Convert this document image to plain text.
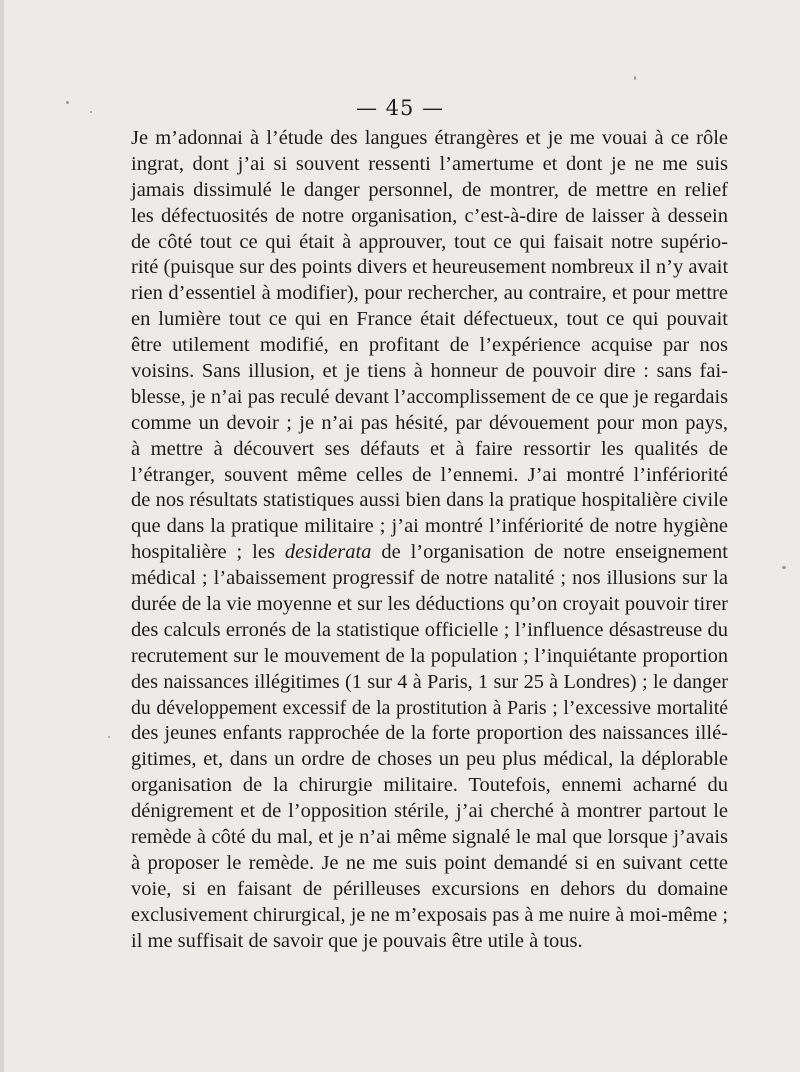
— 45 —
Je m’adonnai à l’étude des langues étrangères et je me vouai à ce rôle
ingrat, dont j’ai si souvent ressenti l’amertume et dont je ne me suis
jamais dissimulé le danger personnel, de montrer, de mettre en relief
les défectuosités de notre organisation, c’est-à-dire de laisser à dessein
de côté tout ce qui était à approuver, tout ce qui faisait notre supério-
rité (puisque sur des points divers et heureusement nombreux il n’y avait
rien d’essentiel à modifier), pour rechercher, au contraire, et pour mettre
en lumière tout ce qui en France était défectueux, tout ce qui pouvait
être utilement modifié, en profitant de l’expérience acquise par nos
voisins. Sans illusion, et je tiens à honneur de pouvoir dire : sans fai-
blesse, je n’ai pas reculé devant l’accomplissement de ce que je regardais
comme un devoir ; je n’ai pas hésité, par dévouement pour mon pays,
à mettre à découvert ses défauts et à faire ressortir les qualités de
l’étranger, souvent même celles de l’ennemi. J’ai montré l’infériorité
de nos résultats statistiques aussi bien dans la pratique hospitalière civile
que dans la pratique militaire ; j’ai montré l’infériorité de notre hygiène
hospitalière ; les desiderata de l’organisation de notre enseignement
médical ; l’abaissement progressif de notre natalité ; nos illusions sur la
durée de la vie moyenne et sur les déductions qu’on croyait pouvoir tirer
des calculs erronés de la statistique officielle ; l’influence désastreuse du
recrutement sur le mouvement de la population ; l’inquiétante proportion
des naissances illégitimes (1 sur 4 à Paris, 1 sur 25 à Londres) ; le danger
du développement excessif de la prostitution à Paris ; l’excessive mortalité
des jeunes enfants rapprochée de la forte proportion des naissances illé-
gitimes, et, dans un ordre de choses un peu plus médical, la déplorable
organisation de la chirurgie militaire. Toutefois, ennemi acharné du
dénigrement et de l’opposition stérile, j’ai cherché à montrer partout le
remède à côté du mal, et je n’ai même signalé le mal que lorsque j’avais
à proposer le remède. Je ne me suis point demandé si en suivant cette
voie, si en faisant de périlleuses excursions en dehors du domaine
exclusivement chirurgical, je ne m’exposais pas à me nuire à moi-même ;
il me suffisait de savoir que je pouvais être utile à tous.
